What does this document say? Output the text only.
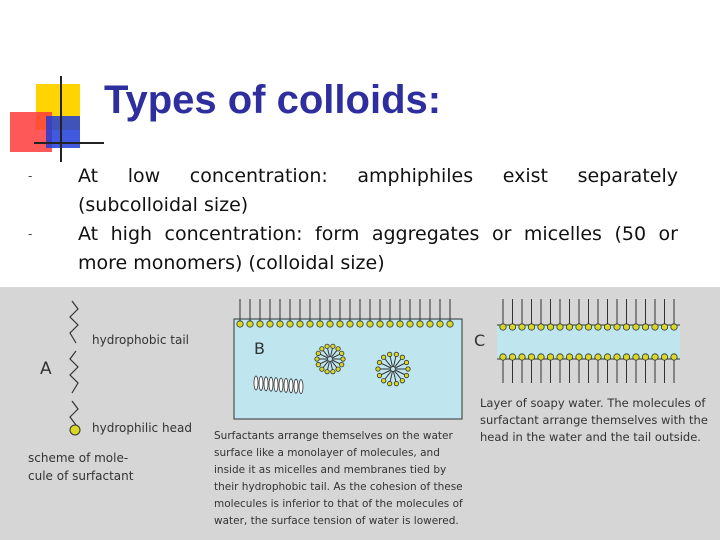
Types of colloids:
- At low concentration: amphiphiles exist separately (subcolloidal size)
- At high concentration: form aggregates or micelles (50 or more monomers) (colloidal size)
A
hydrophobic tail
hydrophilic head
scheme of mole-
cule of surfactant
B
Surfactants arrange themselves on the water surface like a monolayer of molecules, and inside it as micelles and membranes tied by their hydrophobic tail. As the cohesion of these molecules is inferior to that of the molecules of water, the surface tension of water is lowered.
C
Layer of soapy water. The molecules of surfactant arrange themselves with the head in the water and the tail outside.
